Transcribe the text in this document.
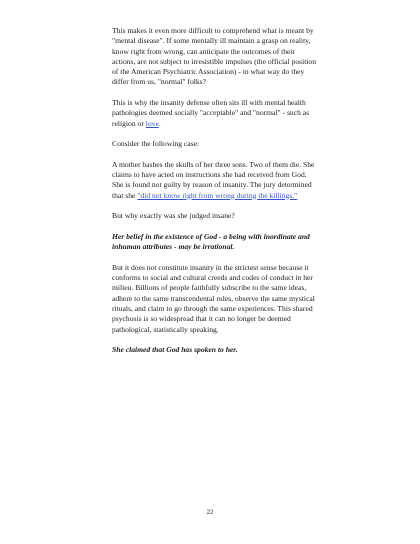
This makes it even more difficult to comprehend what is meant by "mental disease". If some mentally ill maintain a grasp on reality, know right from wrong, can anticipate the outcomes of their actions, are not subject to irresistible impulses (the official position of the American Psychiatric Association) - in what way do they differ from us, "normal" folks?

This is why the insanity defense often sits ill with mental health pathologies deemed socially "acceptable" and "normal" - such as religion or love.

Consider the following case:

A mother bashes the skulls of her three sons. Two of them die. She claims to have acted on instructions she had received from God. She is found not guilty by reason of insanity. The jury determined that she "did not know right from wrong during the killings."

But why exactly was she judged insane?

Her belief in the existence of God - a being with inordinate and inhuman attributes - may be irrational.

But it does not constitute insanity in the strictest sense because it conforms to social and cultural creeds and codes of conduct in her milieu. Billions of people faithfully subscribe to the same ideas, adhere to the same transcendental rules, observe the same mystical rituals, and claim to go through the same experiences. This shared psychosis is so widespread that it can no longer be deemed pathological, statistically speaking.

She claimed that God has spoken to her.

22
